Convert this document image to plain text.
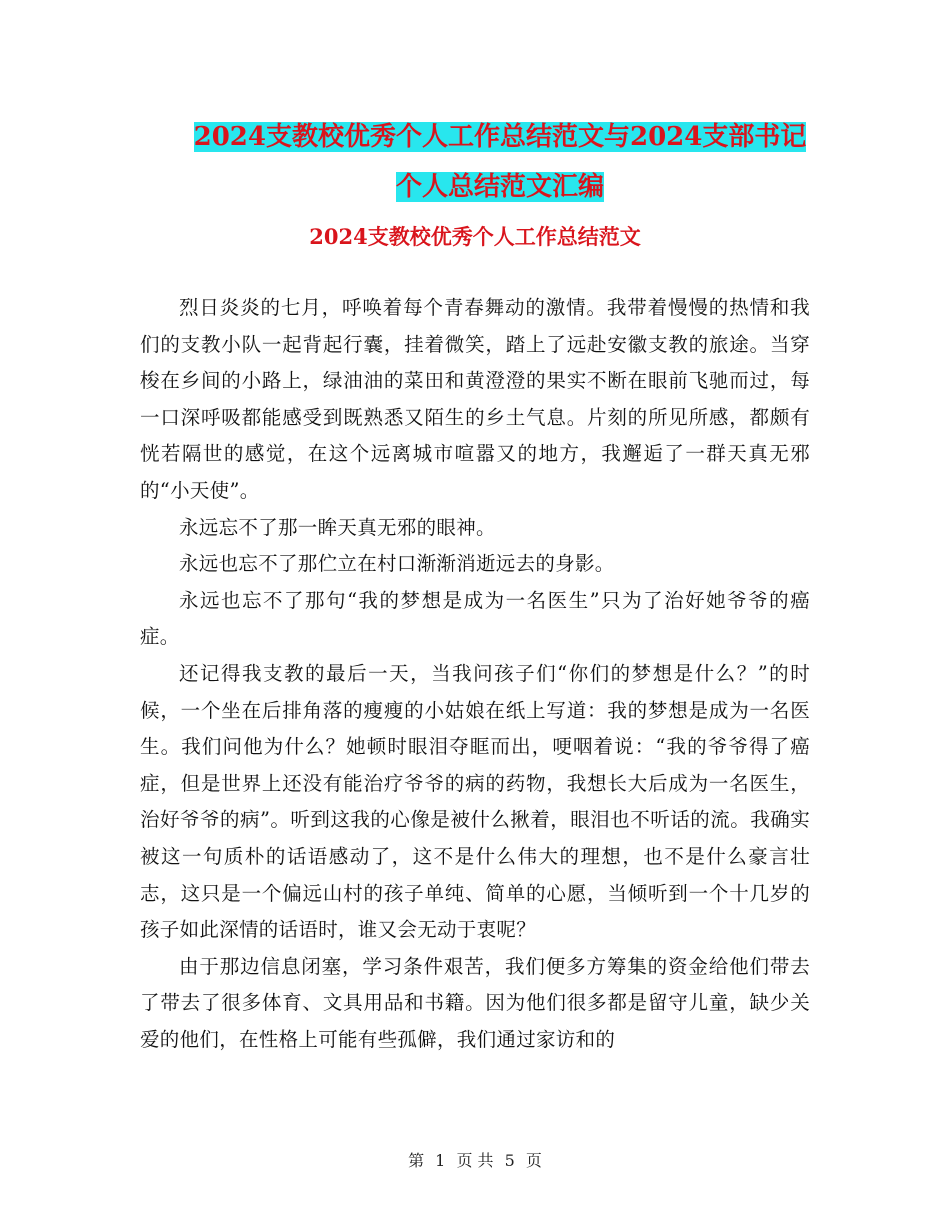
2024支教校优秀个人工作总结范文与2024支部书记个人总结范文汇编
2024支教校优秀个人工作总结范文

烈日炎炎的七月，呼唤着每个青春舞动的激情。我带着慢慢的热情和我们的支教小队一起背起行囊，挂着微笑，踏上了远赴安徽支教的旅途。当穿梭在乡间的小路上，绿油油的菜田和黄澄澄的果实不断在眼前飞驰而过，每一口深呼吸都能感受到既熟悉又陌生的乡土气息。片刻的所见所感，都颇有恍若隔世的感觉，在这个远离城市喧嚣又的地方，我邂逅了一群天真无邪的“小天使”。

永远忘不了那一眸天真无邪的眼神。

永远也忘不了那伫立在村口渐渐消逝远去的身影。

永远也忘不了那句“我的梦想是成为一名医生”只为了治好她爷爷的癌症。

还记得我支教的最后一天，当我问孩子们“你们的梦想是什么？”的时候，一个坐在后排角落的瘦瘦的小姑娘在纸上写道：我的梦想是成为一名医生。我们问他为什么？她顿时眼泪夺眶而出，哽咽着说：“我的爷爷得了癌症，但是世界上还没有能治疗爷爷的病的药物，我想长大后成为一名医生，治好爷爷的病”。听到这我的心像是被什么揪着，眼泪也不听话的流。我确实被这一句质朴的话语感动了，这不是什么伟大的理想，也不是什么豪言壮志，这只是一个偏远山村的孩子单纯、简单的心愿，当倾听到一个十几岁的孩子如此深情的话语时，谁又会无动于衷呢？

由于那边信息闭塞，学习条件艰苦，我们便多方筹集的资金给他们带去了带去了很多体育、文具用品和书籍。因为他们很多都是留守儿童，缺少关爱的他们，在性格上可能有些孤僻，我们通过家访和的

第 1 页 共 5 页
